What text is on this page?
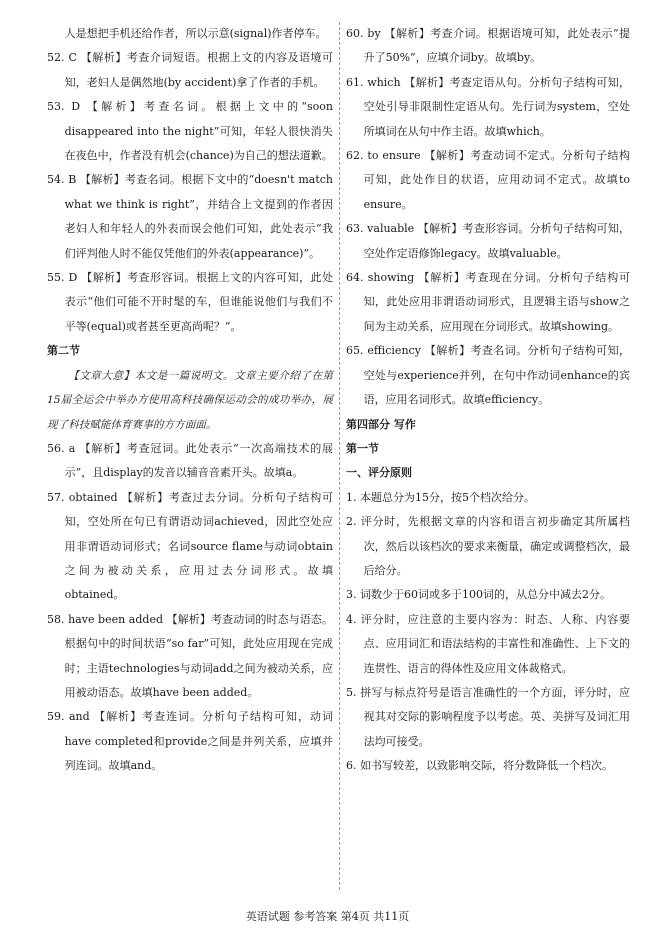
人是想把手机还给作者，所以示意(signal)作者停车。

52. C 【解析】考查介词短语。根据上文的内容及语境可知，老妇人是偶然地(by accident)拿了作者的手机。

53. D 【解析】考查名词。根据上文中的“soon disappeared into the night”可知，年轻人很快消失在夜色中，作者没有机会(chance)为自己的想法道歉。

54. B 【解析】考查名词。根据下文中的“doesn't match what we think is right”，并结合上文提到的作者因老妇人和年轻人的外表而误会他们可知，此处表示“我们评判他人时不能仅凭他们的外表(appearance)”。

55. D 【解析】考查形容词。根据上文的内容可知，此处表示“他们可能不开时髦的车，但谁能说他们与我们不平等(equal)或者甚至更高尚呢？”。

第二节

【文章大意】本文是一篇说明文。文章主要介绍了在第15届全运会中举办方使用高科技确保运动会的成功举办，展现了科技赋能体育赛事的方方面面。

56. a 【解析】考查冠词。此处表示“一次高端技术的展示”，且display的发音以辅音音素开头。故填a。

57. obtained 【解析】考查过去分词。分析句子结构可知，空处所在句已有谓语动词achieved，因此空处应用非谓语动词形式；名词source flame与动词obtain之间为被动关系，应用过去分词形式。故填obtained。

58. have been added 【解析】考查动词的时态与语态。根据句中的时间状语“so far”可知，此处应用现在完成时；主语technologies与动词add之间为被动关系，应用被动语态。故填have been added。

59. and 【解析】考查连词。分析句子结构可知，动词have completed和provide之间是并列关系，应填并列连词。故填and。

60. by 【解析】考查介词。根据语境可知，此处表示“提升了50%”，应填介词by。故填by。

61. which 【解析】考查定语从句。分析句子结构可知，空处引导非限制性定语从句。先行词为system，空处所填词在从句中作主语。故填which。

62. to ensure 【解析】考查动词不定式。分析句子结构可知，此处作目的状语，应用动词不定式。故填to ensure。

63. valuable 【解析】考查形容词。分析句子结构可知，空处作定语修饰legacy。故填valuable。

64. showing 【解析】考查现在分词。分析句子结构可知，此处应用非谓语动词形式，且逻辑主语与show之间为主动关系，应用现在分词形式。故填showing。

65. efficiency 【解析】考查名词。分析句子结构可知，空处与experience并列，在句中作动词enhance的宾语，应用名词形式。故填efficiency。

第四部分 写作

第一节

一、评分原则

1. 本题总分为15分，按5个档次给分。

2. 评分时，先根据文章的内容和语言初步确定其所属档次，然后以该档次的要求来衡量，确定或调整档次，最后给分。

3. 词数少于60词或多于100词的，从总分中减去2分。

4. 评分时，应注意的主要内容为：时态、人称、内容要点、应用词汇和语法结构的丰富性和准确性、上下文的连贯性、语言的得体性及应用文体裁格式。

5. 拼写与标点符号是语言准确性的一个方面，评分时，应视其对交际的影响程度予以考虑。英、美拼写及词汇用法均可接受。

6. 如书写较差，以致影响交际，将分数降低一个档次。

英语试题 参考答案 第4页 共11页
